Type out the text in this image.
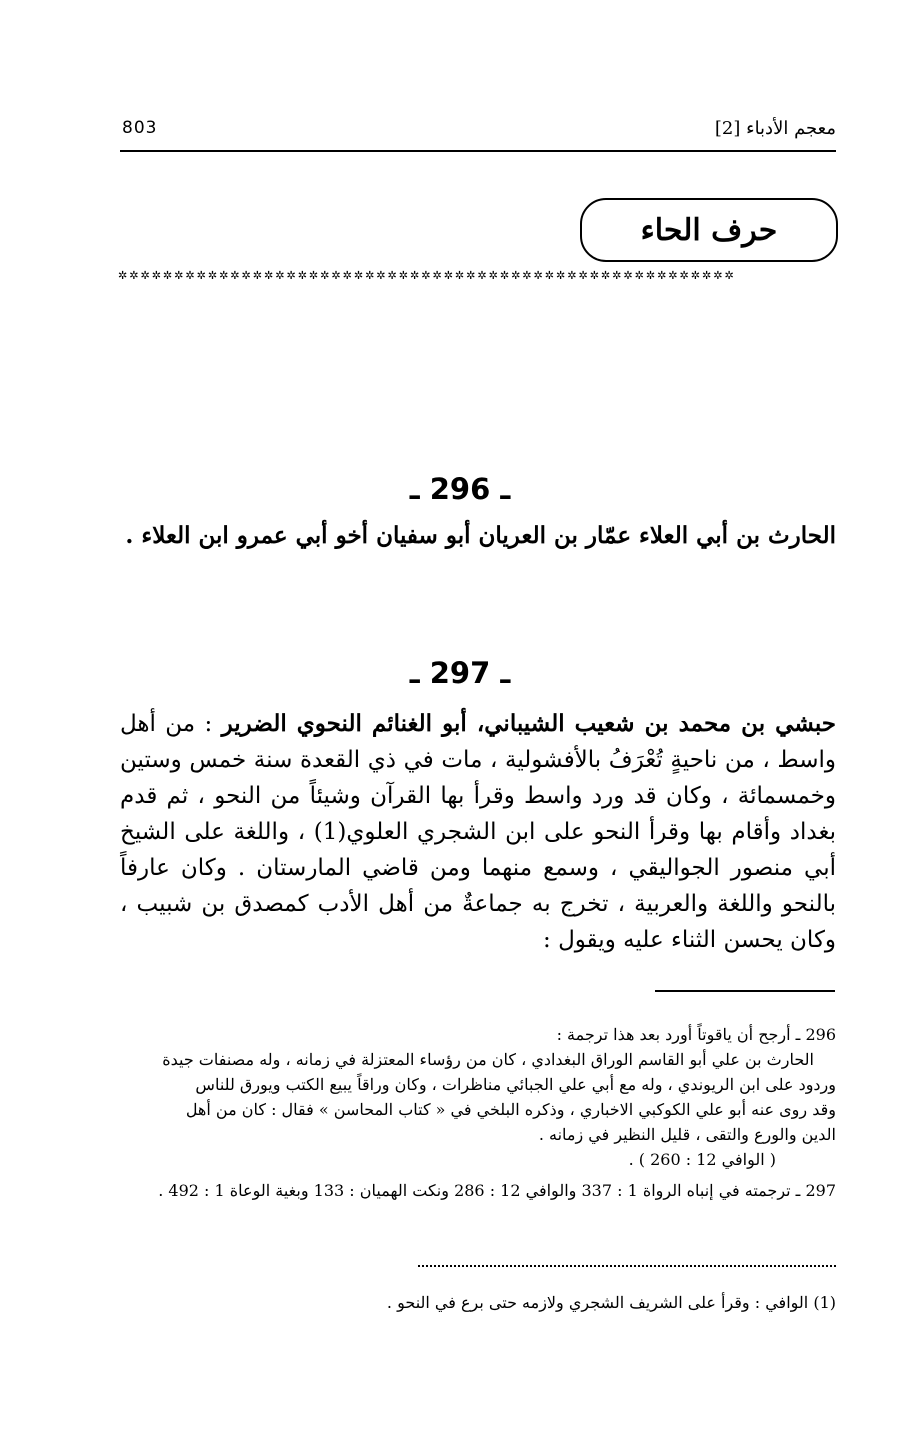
معجم الأدباء [2]
803
حرف الحاء
✲✲✲✲✲✲✲✲✲✲✲✲✲✲✲✲✲✲✲✲✲✲✲✲✲✲✲✲✲✲✲✲✲✲✲✲✲✲✲✲✲✲✲✲✲✲✲✲✲✲✲✲✲✲✲
ـ 296 ـ
الحارث بن أبي العلاء عمّار بن العريان أبو سفيان أخو أبي عمرو ابن العلاء .
ـ 297 ـ
حبشي بن محمد بن شعيب الشيباني، أبو الغنائم النحوي الضرير : من أهل واسط ، من ناحيةٍ تُعْرَفُ بالأفشولية ، مات في ذي القعدة سنة خمس وستين وخمسمائة ، وكان قد ورد واسط وقرأ بها القرآن وشيئاً من النحو ، ثم قدم بغداد وأقام بها وقرأ النحو على ابن الشجري العلوي(1) ، واللغة على الشيخ أبي منصور الجواليقي ، وسمع منهما ومن قاضي المارستان . وكان عارفاً بالنحو واللغة والعربية ، تخرج به جماعةٌ من أهل الأدب كمصدق بن شبيب ، وكان يحسن الثناء عليه ويقول :
296 ـ أرجح أن ياقوتاً أورد بعد هذا ترجمة :
الحارث بن علي أبو القاسم الوراق البغدادي ، كان من رؤساء المعتزلة في زمانه ، وله مصنفات جيدة
وردود على ابن الريوندي ، وله مع أبي علي الجبائي مناظرات ، وكان وراقاً يبيع الكتب ويورق للناس
وقد روى عنه أبو علي الكوكبي الاخباري ، وذكره البلخي في « كتاب المحاسن » فقال : كان من أهل
الدين والورع والتقى ، قليل النظير في زمانه .
( الوافي 12 : 260 ) .
297 ـ ترجمته في إنباه الرواة 1 : 337 والوافي 12 : 286 ونكت الهميان : 133 وبغية الوعاة 1 : 492 .
(1) الوافي : وقرأ على الشريف الشجري ولازمه حتى برع في النحو .
